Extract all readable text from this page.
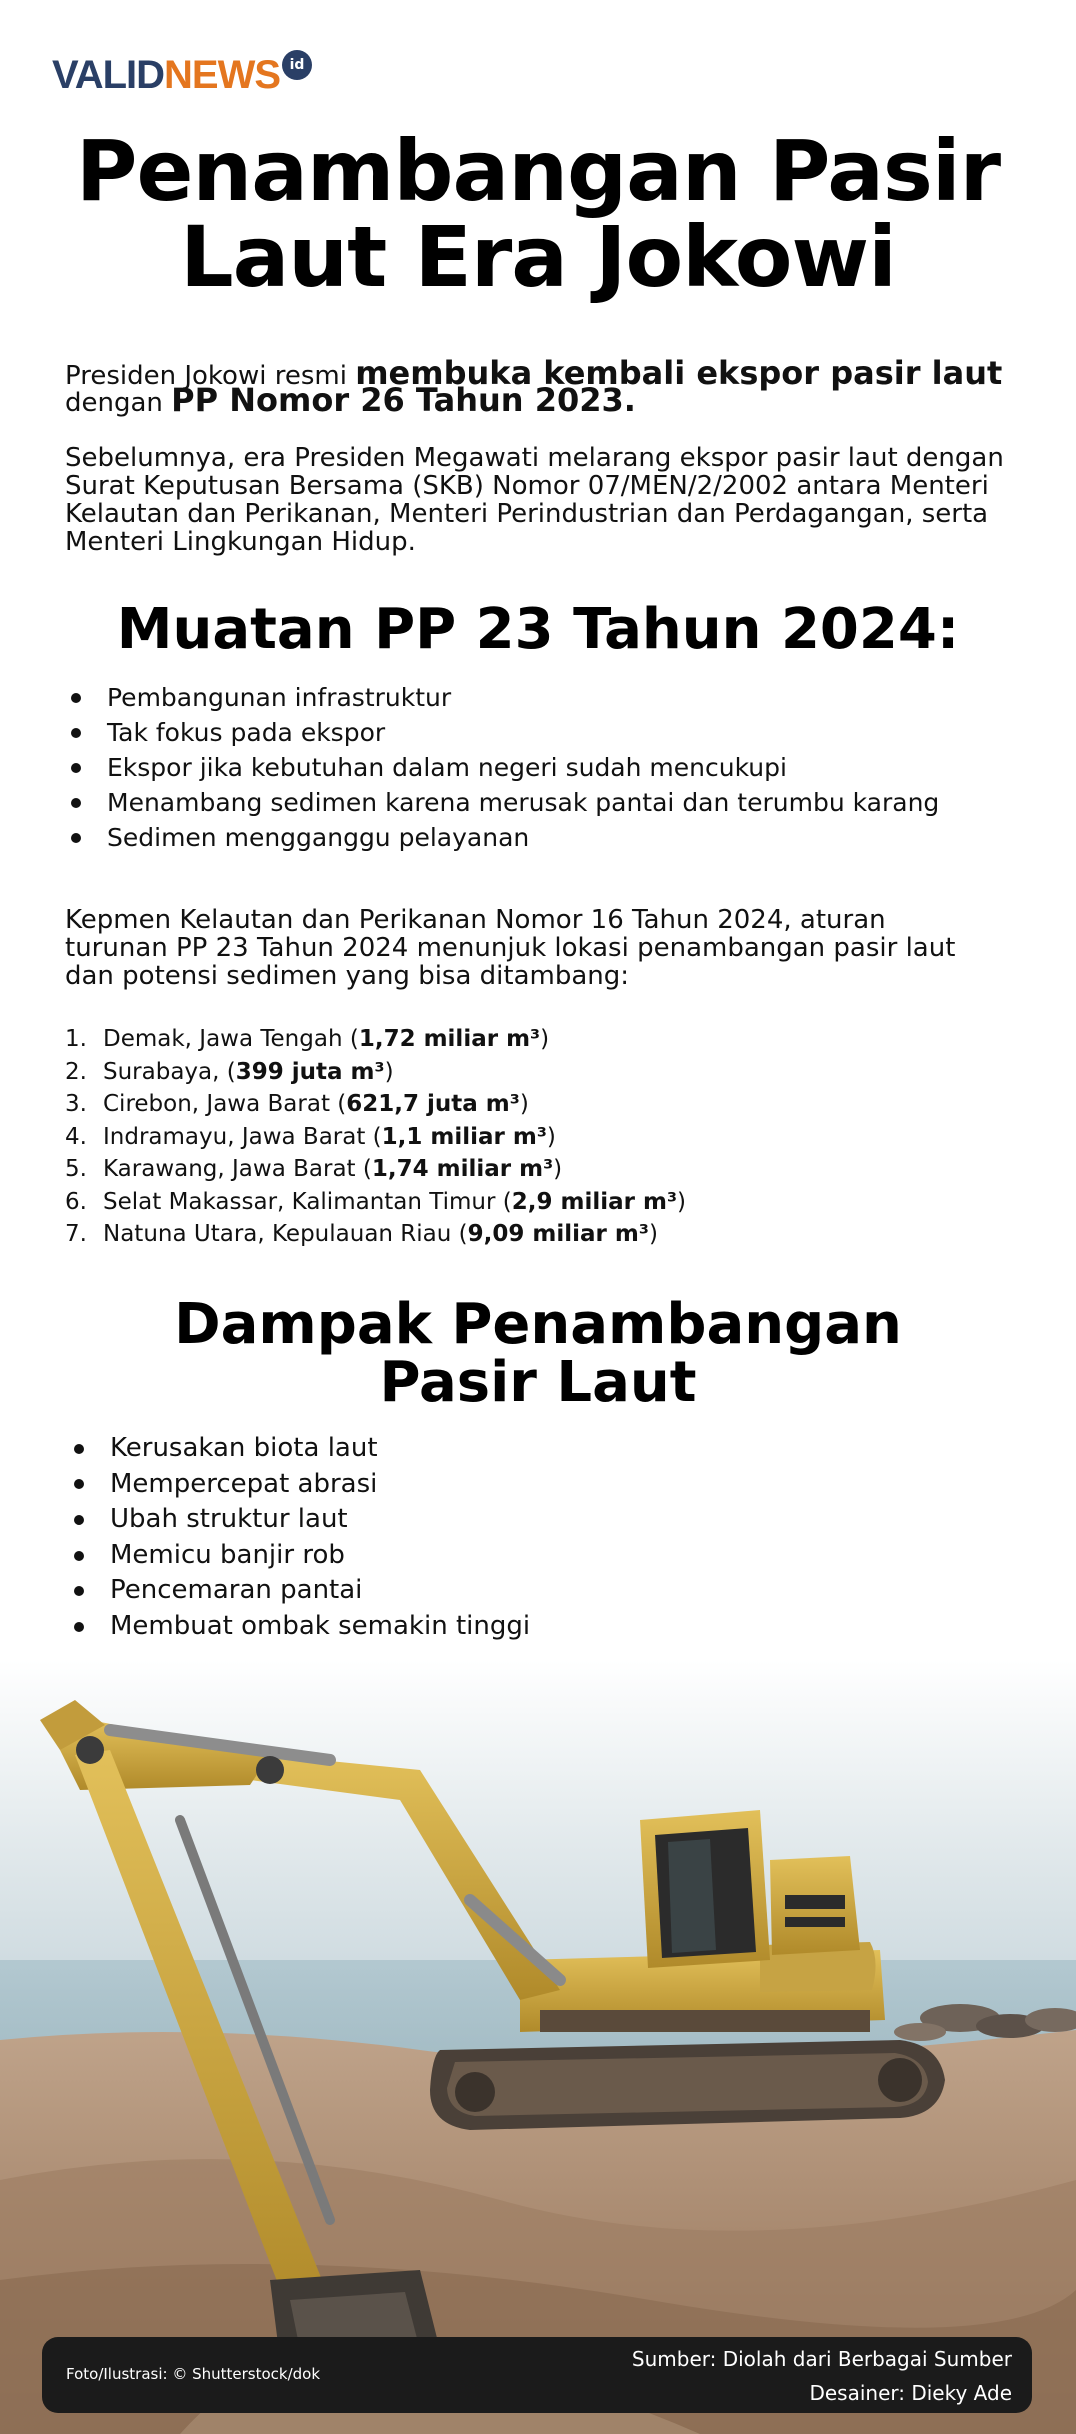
VALID NEWS id
Penambangan Pasir
Laut Era Jokowi
Presiden Jokowi resmi membuka kembali ekspor pasir laut
dengan PP Nomor 26 Tahun 2023.
Sebelumnya, era Presiden Megawati melarang ekspor pasir laut dengan
Surat Keputusan Bersama (SKB) Nomor 07/MEN/2/2002 antara Menteri
Kelautan dan Perikanan, Menteri Perindustrian dan Perdagangan, serta
Menteri Lingkungan Hidup.
Muatan PP 23 Tahun 2024:
Pembangunan infrastruktur
Tak fokus pada ekspor
Ekspor jika kebutuhan dalam negeri sudah mencukupi
Menambang sedimen karena merusak pantai dan terumbu karang
Sedimen mengganggu pelayanan
Kepmen Kelautan dan Perikanan Nomor 16 Tahun 2024, aturan
turunan PP 23 Tahun 2024 menunjuk lokasi penambangan pasir laut
dan potensi sedimen yang bisa ditambang:
1. Demak, Jawa Tengah (1,72 miliar m³)
2. Surabaya, (399 juta m³)
3. Cirebon, Jawa Barat (621,7 juta m³)
4. Indramayu, Jawa Barat (1,1 miliar m³)
5. Karawang, Jawa Barat (1,74 miliar m³)
6. Selat Makassar, Kalimantan Timur (2,9 miliar m³)
7. Natuna Utara, Kepulauan Riau (9,09 miliar m³)
Dampak Penambangan
Pasir Laut
Kerusakan biota laut
Mempercepat abrasi
Ubah struktur laut
Memicu banjir rob
Pencemaran pantai
Membuat ombak semakin tinggi
Foto/Ilustrasi: © Shutterstock/dok
Sumber: Diolah dari Berbagai Sumber
Desainer: Dieky Ade
